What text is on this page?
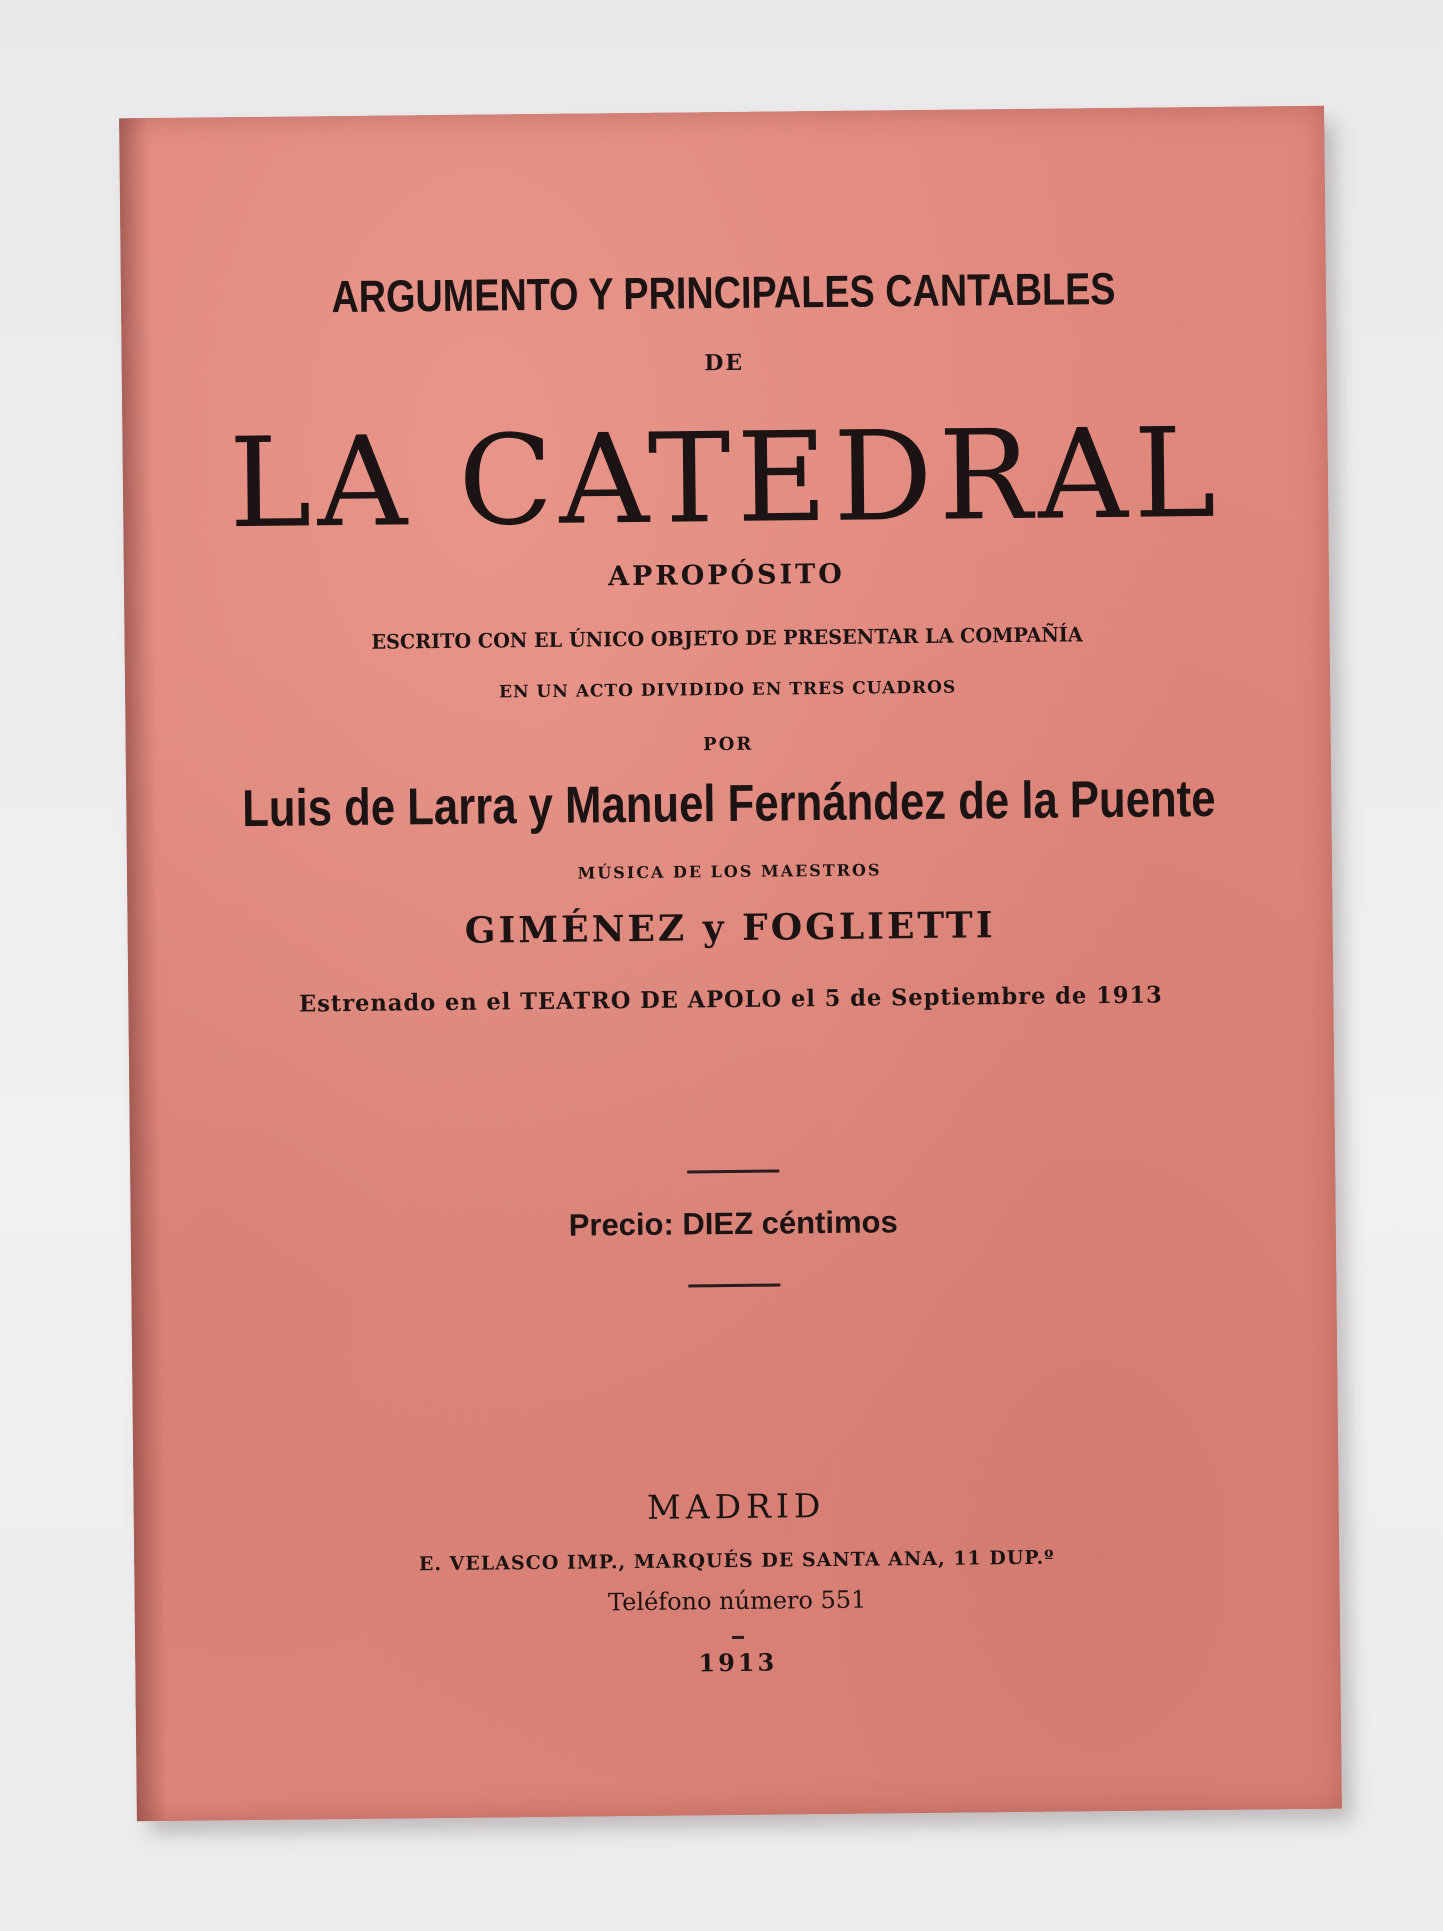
ARGUMENTO Y PRINCIPALES CANTABLES
DE
LA CATEDRAL
APROPÓSITO
ESCRITO CON EL ÚNICO OBJETO DE PRESENTAR LA COMPAÑÍA
EN UN ACTO DIVIDIDO EN TRES CUADROS
POR
Luis de Larra y Manuel Fernández de la Puente
MÚSICA DE LOS MAESTROS
GIMÉNEZ y FOGLIETTI
Estrenado en el TEATRO DE APOLO el 5 de Septiembre de 1913
Precio: DIEZ céntimos
MADRID
E. VELASCO IMP., MARQUÉS DE SANTA ANA, 11 DUP.º
Teléfono número 551
1913
